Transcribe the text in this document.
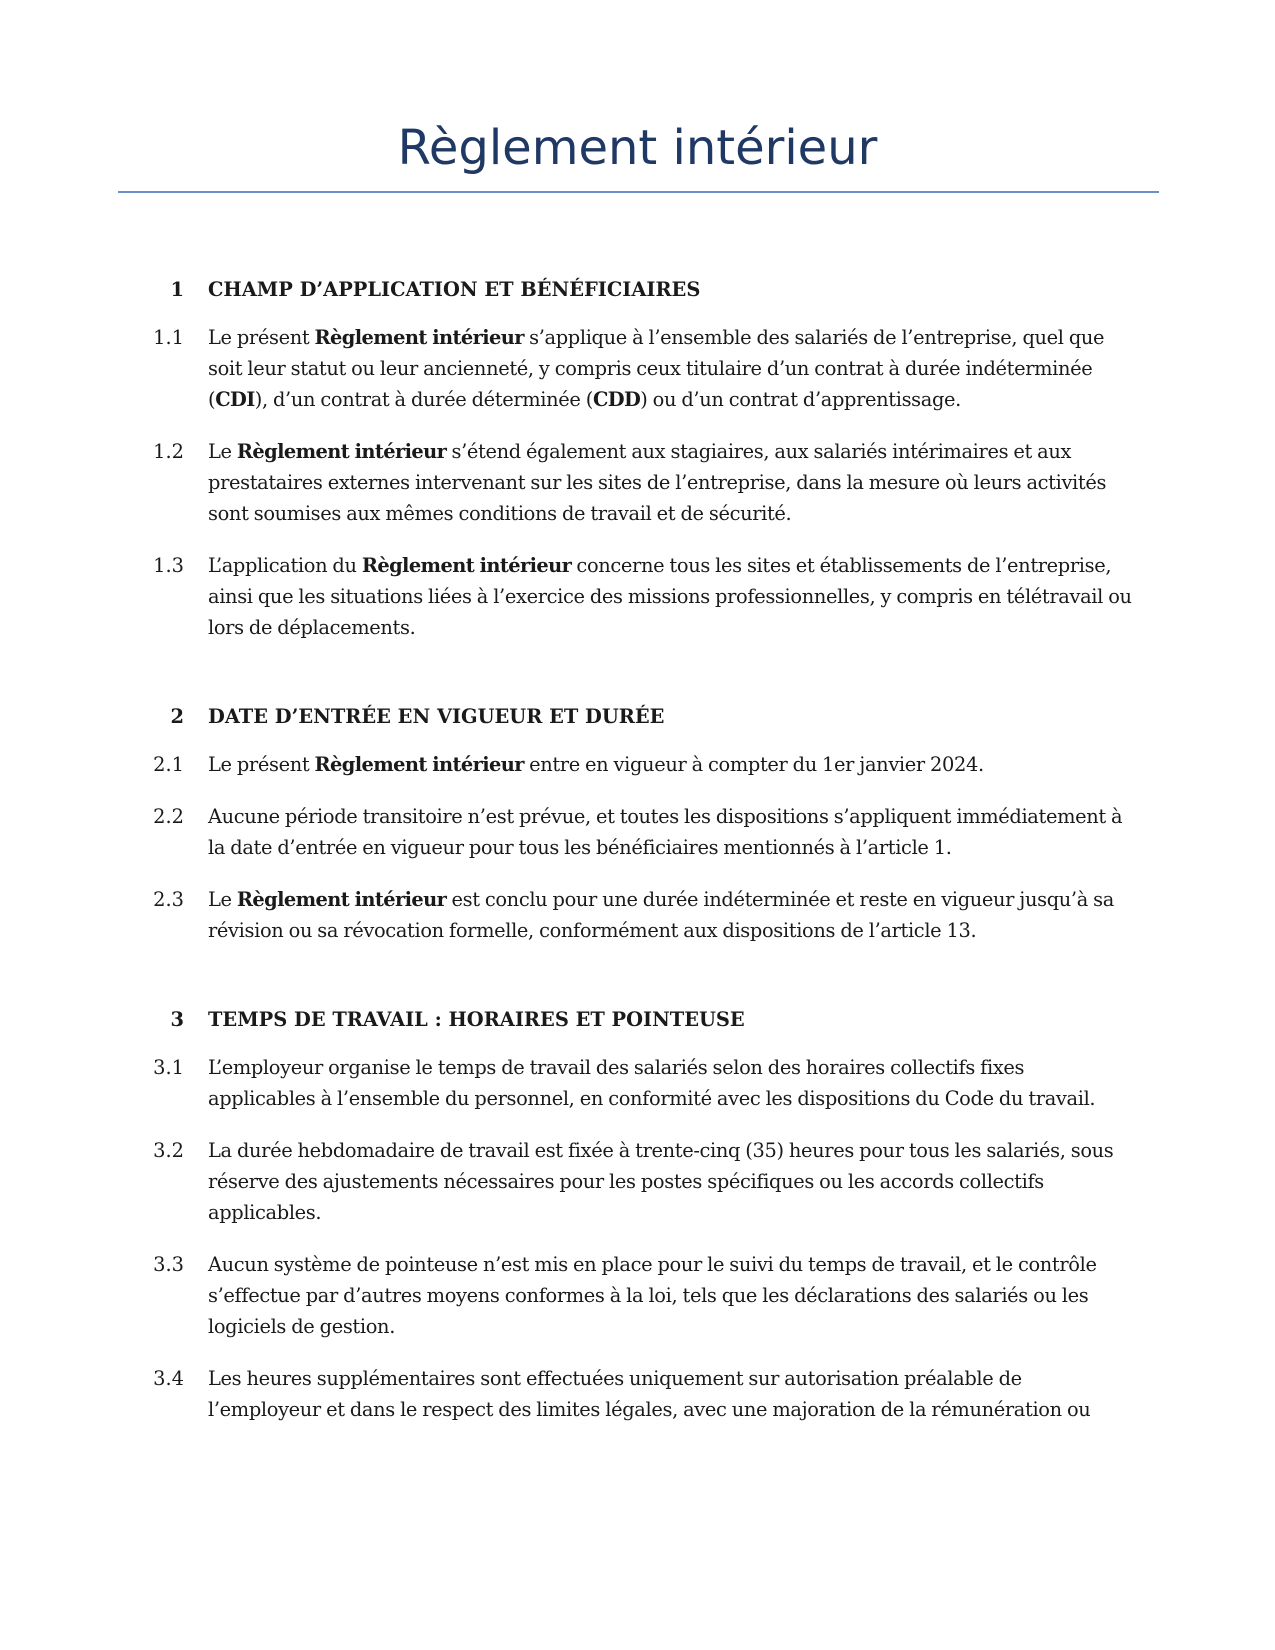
Règlement intérieur
1 CHAMP D’APPLICATION ET BÉNÉFICIAIRES
1.1 Le présent Règlement intérieur s’applique à l’ensemble des salariés de l’entreprise, quel que soit leur statut ou leur ancienneté, y compris ceux titulaire d’un contrat à durée indéterminée (CDI), d’un contrat à durée déterminée (CDD) ou d’un contrat d’apprentissage.
1.2 Le Règlement intérieur s’étend également aux stagiaires, aux salariés intérimaires et aux prestataires externes intervenant sur les sites de l’entreprise, dans la mesure où leurs activités sont soumises aux mêmes conditions de travail et de sécurité.
1.3 L’application du Règlement intérieur concerne tous les sites et établissements de l’entreprise, ainsi que les situations liées à l’exercice des missions professionnelles, y compris en télétravail ou lors de déplacements.
2 DATE D’ENTRÉE EN VIGUEUR ET DURÉE
2.1 Le présent Règlement intérieur entre en vigueur à compter du 1er janvier 2024.
2.2 Aucune période transitoire n’est prévue, et toutes les dispositions s’appliquent immédiatement à la date d’entrée en vigueur pour tous les bénéficiaires mentionnés à l’article 1.
2.3 Le Règlement intérieur est conclu pour une durée indéterminée et reste en vigueur jusqu’à sa révision ou sa révocation formelle, conformément aux dispositions de l’article 13.
3 TEMPS DE TRAVAIL : HORAIRES ET POINTEUSE
3.1 L’employeur organise le temps de travail des salariés selon des horaires collectifs fixes applicables à l’ensemble du personnel, en conformité avec les dispositions du Code du travail.
3.2 La durée hebdomadaire de travail est fixée à trente-cinq (35) heures pour tous les salariés, sous réserve des ajustements nécessaires pour les postes spécifiques ou les accords collectifs applicables.
3.3 Aucun système de pointeuse n’est mis en place pour le suivi du temps de travail, et le contrôle s’effectue par d’autres moyens conformes à la loi, tels que les déclarations des salariés ou les logiciels de gestion.
3.4 Les heures supplémentaires sont effectuées uniquement sur autorisation préalable de l’employeur et dans le respect des limites légales, avec une majoration de la rémunération ou
